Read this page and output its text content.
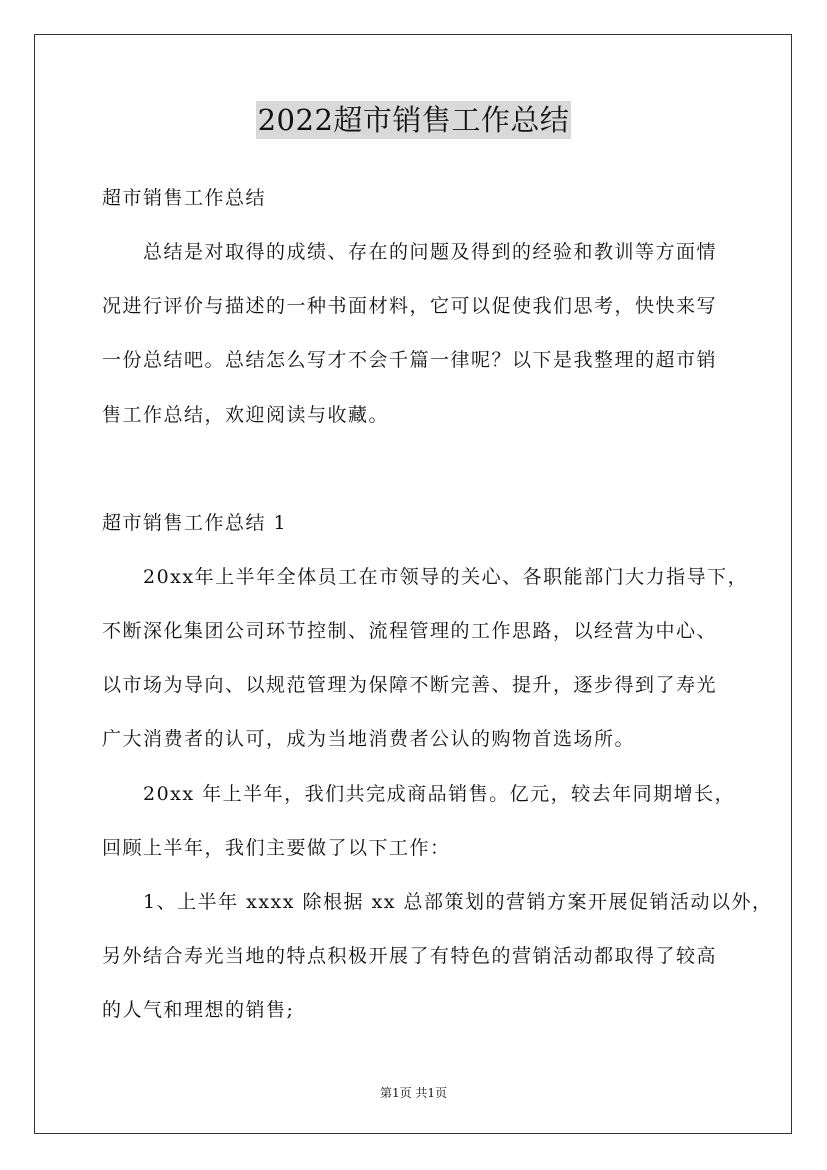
2022超市销售工作总结
超市销售工作总结
总结是对取得的成绩、存在的问题及得到的经验和教训等方面情
况进行评价与描述的一种书面材料，它可以促使我们思考，快快来写
一份总结吧。总结怎么写才不会千篇一律呢？以下是我整理的超市销
售工作总结，欢迎阅读与收藏。
超市销售工作总结 1
20xx年上半年全体员工在市领导的关心、各职能部门大力指导下，
不断深化集团公司环节控制、流程管理的工作思路，以经营为中心、
以市场为导向、以规范管理为保障不断完善、提升，逐步得到了寿光
广大消费者的认可，成为当地消费者公认的购物首选场所。
20xx 年上半年，我们共完成商品销售。亿元，较去年同期增长，
回顾上半年，我们主要做了以下工作：
1、上半年 xxxx 除根据 xx 总部策划的营销方案开展促销活动以外，
另外结合寿光当地的特点积极开展了有特色的营销活动都取得了较高
的人气和理想的销售;
第1页 共1页
